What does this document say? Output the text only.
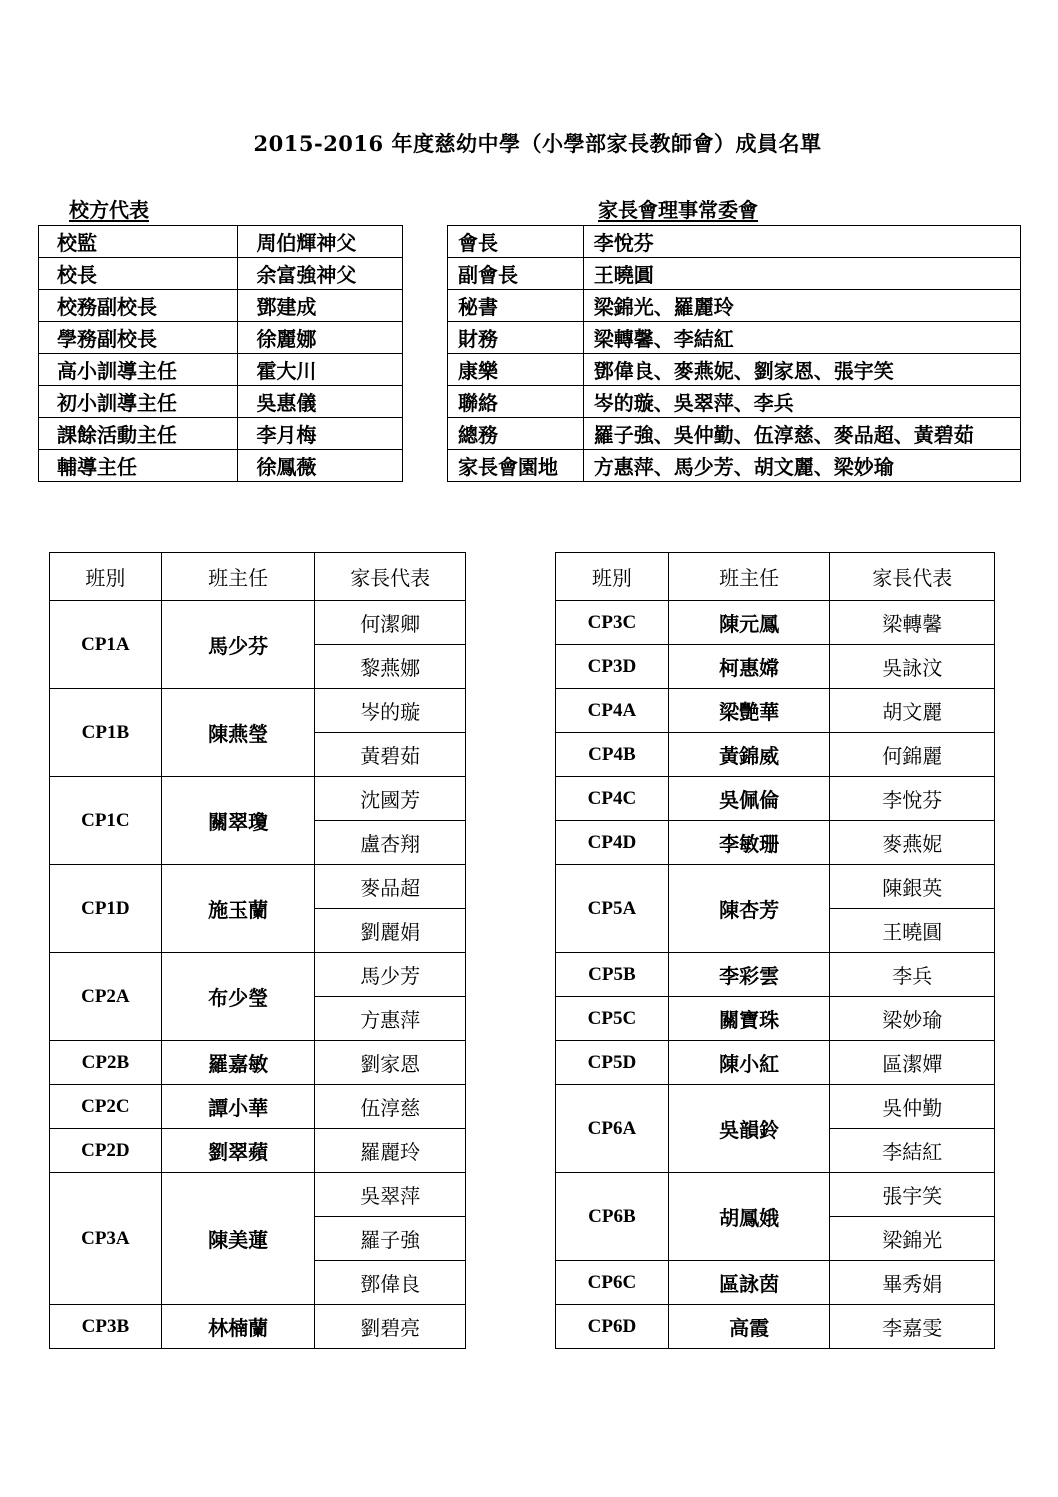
2015-2016 年度慈幼中學（小學部家長教師會）成員名單
校方代表	家長會理事常委會
校監	周伯輝神父
校長	余富強神父
校務副校長	鄧建成
學務副校長	徐麗娜
高小訓導主任	霍大川
初小訓導主任	吳惠儀
課餘活動主任	李月梅
輔導主任	徐鳳薇
會長	李悅芬
副會長	王曉圓
秘書	梁錦光、羅麗玲
財務	梁轉馨、李結紅
康樂	鄧偉良、麥燕妮、劉家恩、張宇笑
聯絡	岑的璇、吳翠萍、李兵
總務	羅子強、吳仲勤、伍淳慈、麥品超、黃碧茹
家長會園地	方惠萍、馬少芳、胡文麗、梁妙瑜
班別	班主任	家長代表
CP1A	馬少芬	何潔卿
		黎燕娜
CP1B	陳燕瑩	岑的璇
		黃碧茹
CP1C	關翠瓊	沈國芳
		盧杏翔
CP1D	施玉蘭	麥品超
		劉麗娟
CP2A	布少瑩	馬少芳
		方惠萍
CP2B	羅嘉敏	劉家恩
CP2C	譚小華	伍淳慈
CP2D	劉翠蘋	羅麗玲
CP3A	陳美蓮	吳翠萍
		羅子強
		鄧偉良
CP3B	林楠蘭	劉碧亮
班別	班主任	家長代表
CP3C	陳元鳳	梁轉馨
CP3D	柯惠嫦	吳詠汶
CP4A	梁艷華	胡文麗
CP4B	黃錦威	何錦麗
CP4C	吳佩倫	李悅芬
CP4D	李敏珊	麥燕妮
CP5A	陳杏芳	陳銀英
		王曉圓
CP5B	李彩雲	李兵
CP5C	關寶珠	梁妙瑜
CP5D	陳小紅	區潔嬋
CP6A	吳韻鈴	吳仲勤
		李結紅
CP6B	胡鳳娥	張宇笑
		梁錦光
CP6C	區詠茵	畢秀娟
CP6D	高霞	李嘉雯
